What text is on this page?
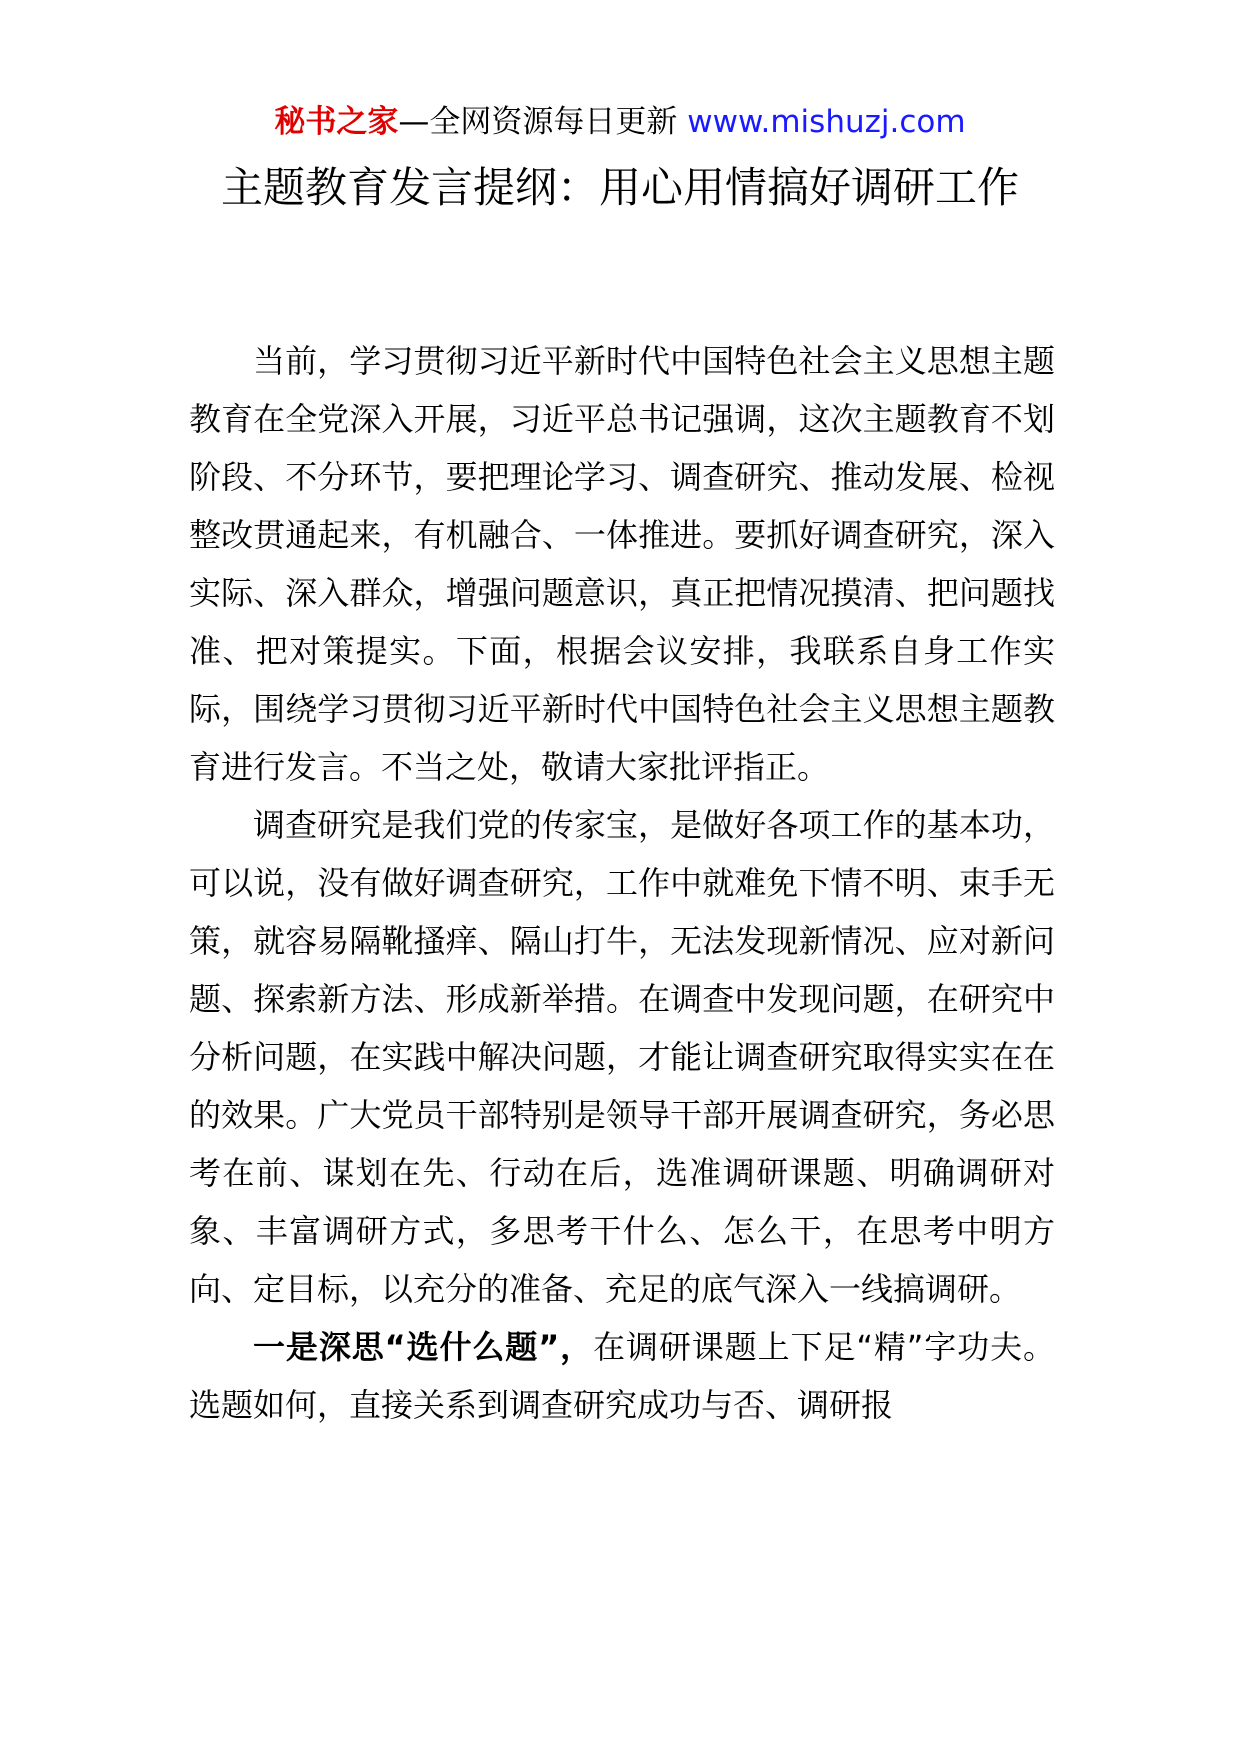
秘书之家—全网资源每日更新 www.mishuzj.com
主题教育发言提纲：用心用情搞好调研工作

当前，学习贯彻习近平新时代中国特色社会主义思想主题教育在全党深入开展，习近平总书记强调，这次主题教育不划阶段、不分环节，要把理论学习、调查研究、推动发展、检视整改贯通起来，有机融合、一体推进。要抓好调查研究，深入实际、深入群众，增强问题意识，真正把情况摸清、把问题找准、把对策提实。下面，根据会议安排，我联系自身工作实际，围绕学习贯彻习近平新时代中国特色社会主义思想主题教育进行发言。不当之处，敬请大家批评指正。

调查研究是我们党的传家宝，是做好各项工作的基本功，可以说，没有做好调查研究，工作中就难免下情不明、束手无策，就容易隔靴搔痒、隔山打牛，无法发现新情况、应对新问题、探索新方法、形成新举措。在调查中发现问题，在研究中分析问题，在实践中解决问题，才能让调查研究取得实实在在的效果。广大党员干部特别是领导干部开展调查研究，务必思考在前、谋划在先、行动在后，选准调研课题、明确调研对象、丰富调研方式，多思考干什么、怎么干，在思考中明方向、定目标，以充分的准备、充足的底气深入一线搞调研。

一是深思“选什么题”，在调研课题上下足“精”字功夫。选题如何，直接关系到调查研究成功与否、调研报
